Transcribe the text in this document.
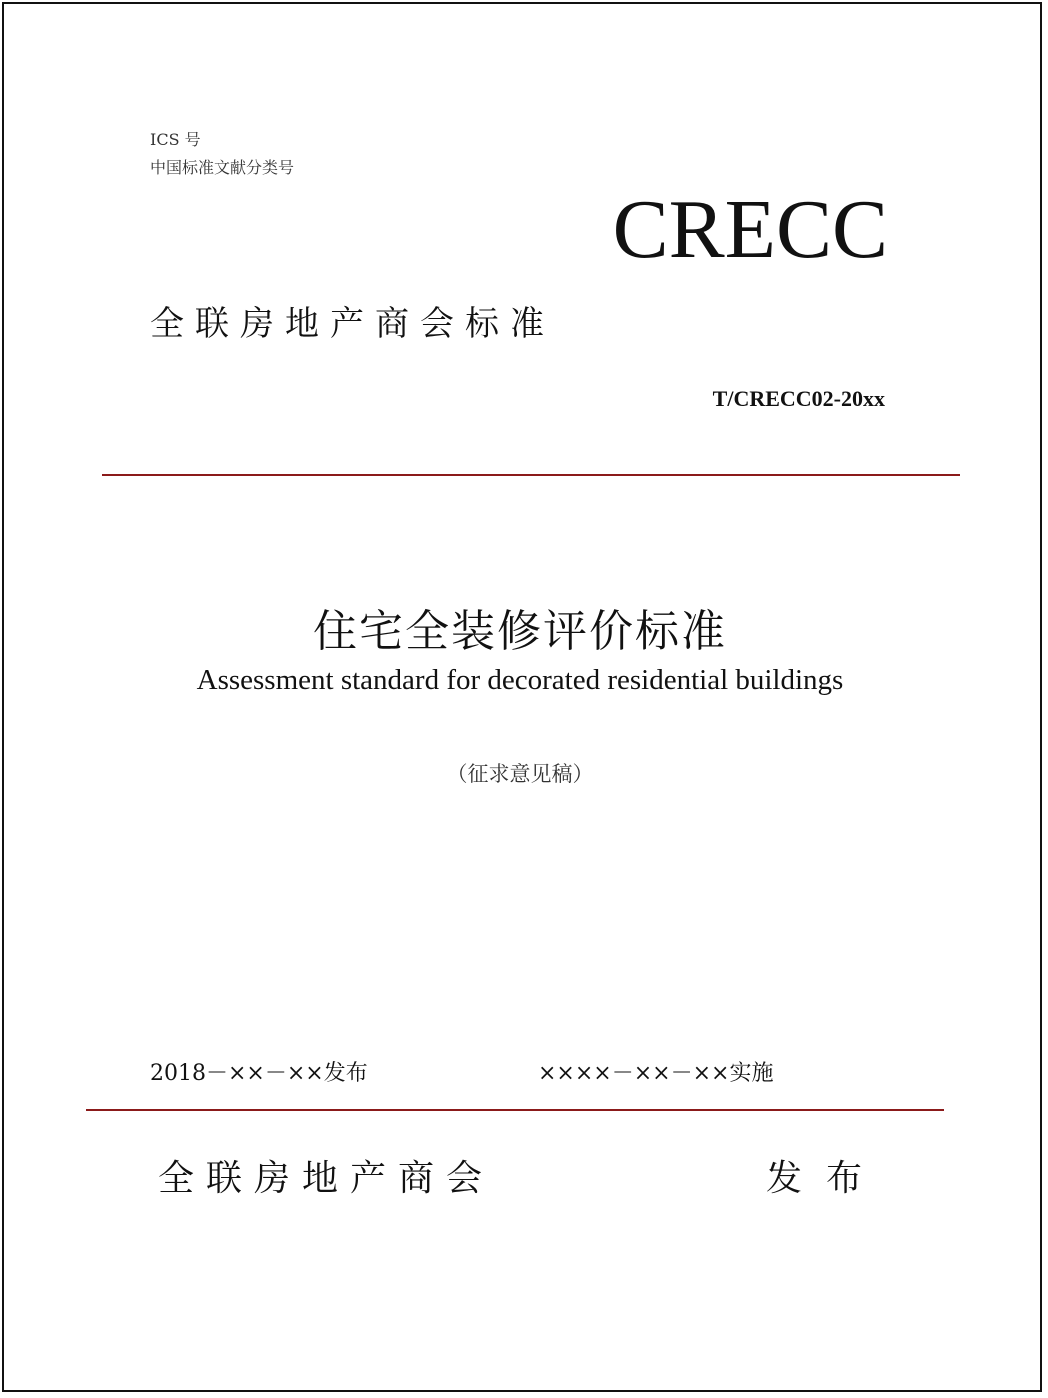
ICS 号
中国标准文献分类号
CRECC
全联房地产商会标准
T/CRECC02-20xx
住宅全装修评价标准
Assessment standard for decorated residential buildings
（征求意见稿）
2018－××－××发布	××××－××－××实施
全联房地产商会	发布
